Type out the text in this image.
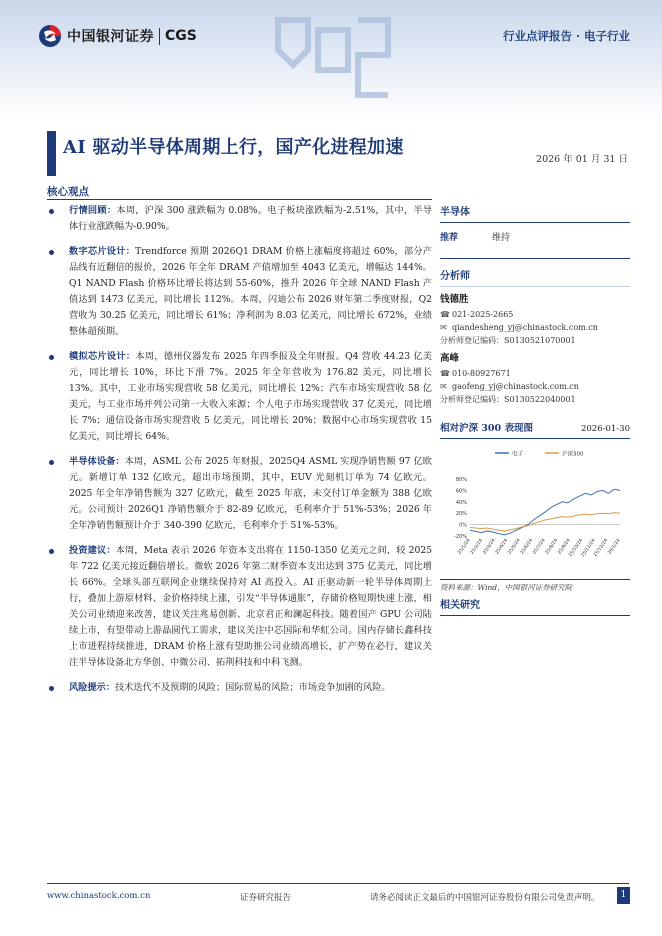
中国银河证券 CGS	行业点评报告 · 电子行业
AI 驱动半导体周期上行，国产化进程加速
2026 年 01 月 31 日
核心观点
行情回顾：本周，沪深 300 涨跌幅为 0.08%。电子板块涨跌幅为-2.51%，其中，半导体行业涨跌幅为-0.90%。
数字芯片设计：Trendforce 预期 2026Q1 DRAM 价格上涨幅度将超过 60%，部分产品线有近翻倍的报价，2026 年全年 DRAM 产值增加至 4043 亿美元，增幅达 144%。Q1 NAND Flash 价格环比增长将达到 55-60%，推升 2026 年全球 NAND Flash 产值达到 1473 亿美元，同比增长 112%。本周，闪迪公布 2026 财年第二季度财报，Q2 营收为 30.25 亿美元，同比增长 61%；净利润为 8.03 亿美元，同比增长 672%，业绩整体超预期。
模拟芯片设计：本周，德州仪器发布 2025 年四季报及全年财报。Q4 营收 44.23 亿美元，同比增长 10%，环比下滑 7%。2025 年全年营收为 176.82 美元，同比增长 13%。其中，工业市场实现营收 58 亿美元，同比增长 12%；汽车市场实现营收 58 亿美元，与工业市场并列公司第一大收入来源；个人电子市场实现营收 37 亿美元，同比增长 7%；通信设备市场实现营收 5 亿美元，同比增长 20%；数据中心市场实现营收 15 亿美元，同比增长 64%。
半导体设备：本周，ASML 公布 2025 年财报，2025Q4 ASML 实现净销售额 97 亿欧元。新增订单 132 亿欧元，超出市场预期，其中，EUV 光刻机订单为 74 亿欧元。2025 年全年净销售额为 327 亿欧元，截至 2025 年底，未交付订单金额为 388 亿欧元。公司预计 2026Q1 净销售额介于 82-89 亿欧元，毛利率介于 51%-53%；2026 年全年净销售额预计介于 340-390 亿欧元，毛利率介于 51%-53%。
投资建议：本周，Meta 表示 2026 年资本支出将在 1150-1350 亿美元之间，较 2025 年 722 亿美元接近翻倍增长。微软 2026 年第二财季资本支出达到 375 亿美元，同比增长 66%。全球头部互联网企业继续保持对 AI 高投入。AI 正驱动新一轮半导体周期上行，叠加上游原材料、金价格持续上涨，引发“半导体通胀”，存储价格短期快速上涨，相关公司业绩迎来改善，建议关注兆易创新、北京君正和澜起科技。随着国产 GPU 公司陆续上市，有望带动上游晶圆代工需求，建议关注中芯国际和华虹公司。国内存储长鑫科技上市进程持续推进，DRAM 价格上涨有望助推公司业绩高增长，扩产势在必行，建议关注半导体设备北方华创、中微公司、拓荆科技和中科飞测。
风险提示：技术迭代不及预期的风险；国际贸易的风险；市场竞争加剧的风险。
半导体
推荐	维持
分析师
钱德胜
☎ 021-2025-2665
✉ qiandesheng_yj@chinastock.com.cn
分析师登记编码：S0130521070001
高峰
☎ 010-80927671
✉ gaofeng_yj@chinastock.com.cn
分析师登记编码：S0130522040001
相对沪深 300 表现图	2026-01-30
电子	沪深300
80%
60%
40%
20%
0%
-20%
25/1/24
25/2/24
25/3/24
25/4/24
25/5/24
25/6/24
25/7/24
25/8/24
25/9/24
25/10/24
25/11/24
25/12/24
26/1/24
资料来源：Wind，中国银河证券研究院
相关研究
www.chinastock.com.cn	证券研究报告	请务必阅读正文最后的中国银河证券股份有限公司免责声明。	1
